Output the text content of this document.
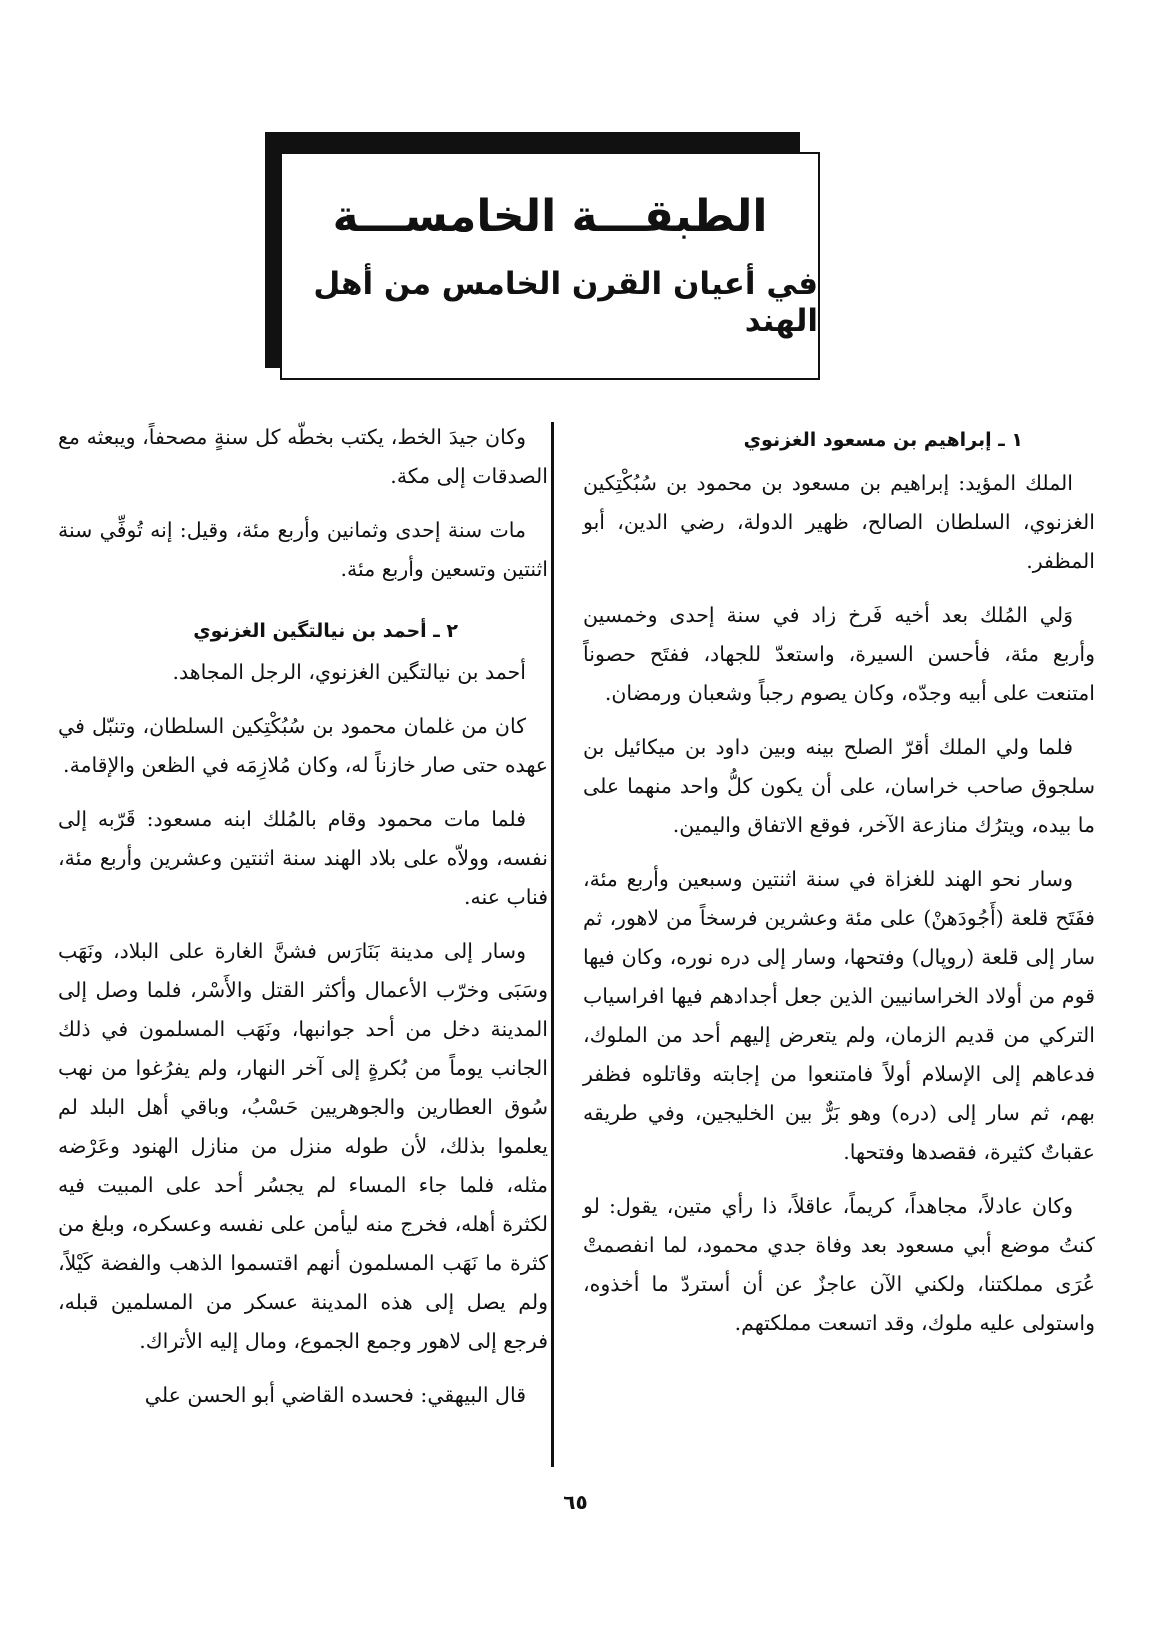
الطبقـــة الخامســـة
في أعيان القرن الخامس من أهل الهند
١ ـ إبراهيم بن مسعود الغزنوي

الملك المؤيد: إبراهيم بن مسعود بن محمود بن سُبُكْتِكين الغزنوي، السلطان الصالح، ظهير الدولة، رضي الدين، أبو المظفر.

وَلي المُلك بعد أخيه فَرخ زاد في سنة إحدى وخمسين وأربع مئة، فأحسن السيرة، واستعدّ للجهاد، ففتَح حصوناً امتنعت على أبيه وجدّه، وكان يصوم رجباً وشعبان ورمضان.

فلما ولي الملك أقرّ الصلح بينه وبين داود بن ميكائيل بن سلجوق صاحب خراسان، على أن يكون كلُّ واحد منهما على ما بيده، ويترُك منازعة الآخر، فوقع الاتفاق واليمين.

وسار نحو الهند للغزاة في سنة اثنتين وسبعين وأربع مئة، ففَتَح قلعة (أَجُودَهنْ) على مئة وعشرين فرسخاً من لاهور، ثم سار إلى قلعة (روپال) وفتحها، وسار إلى دره نوره، وكان فيها قوم من أولاد الخراسانيين الذين جعل أجدادهم فيها افراسياب التركي من قديم الزمان، ولم يتعرض إليهم أحد من الملوك، فدعاهم إلى الإسلام أولاً فامتنعوا من إجابته وقاتلوه فظفر بهم، ثم سار إلى (دره) وهو بَرٌّ بين الخليجين، وفي طريقه عقباتٌ كثيرة، فقصدها وفتحها.

وكان عادلاً، مجاهداً، كريماً، عاقلاً، ذا رأي متين، يقول: لو كنتُ موضع أبي مسعود بعد وفاة جدي محمود، لما انفصمتْ عُرَى مملكتنا، ولكني الآن عاجزٌ عن أن أستردّ ما أخذوه، واستولى عليه ملوك، وقد اتسعت مملكتهم.

وكان جيدَ الخط، يكتب بخطّه كل سنةٍ مصحفاً، ويبعثه مع الصدقات إلى مكة.

مات سنة إحدى وثمانين وأربع مئة، وقيل: إنه تُوفِّي سنة اثنتين وتسعين وأربع مئة.

٢ ـ أحمد بن نيالتگين الغزنوي

أحمد بن نيالتگين الغزنوي، الرجل المجاهد.

كان من غلمان محمود بن سُبُكْتِكين السلطان، وتنبّل في عهده حتى صار خازناً له، وكان مُلازِمَه في الظعن والإقامة.

فلما مات محمود وقام بالمُلك ابنه مسعود: قَرّبه إلى نفسه، وولاّه على بلاد الهند سنة اثنتين وعشرين وأربع مئة، فناب عنه.

وسار إلى مدينة بَنَارَس فشنَّ الغارة على البلاد، ونَهَب وسَبَى وخرّب الأعمال وأكثر القتل والأَسْر، فلما وصل إلى المدينة دخل من أحد جوانبها، ونَهَب المسلمون في ذلك الجانب يوماً من بُكرةٍ إلى آخر النهار، ولم يفرُغوا من نهب سُوق العطارين والجوهريين حَسْبُ، وباقي أهل البلد لم يعلموا بذلك، لأن طوله منزل من منازل الهنود وعَرْضه مثله، فلما جاء المساء لم يجسُر أحد على المبيت فيه لكثرة أهله، فخرج منه ليأمن على نفسه وعسكره، وبلغ من كثرة ما نَهَب المسلمون أنهم اقتسموا الذهب والفضة كَيْلاً، ولم يصل إلى هذه المدينة عسكر من المسلمين قبله، فرجع إلى لاهور وجمع الجموع، ومال إليه الأتراك.

قال البيهقي: فحسده القاضي أبو الحسن علي

٦٥
